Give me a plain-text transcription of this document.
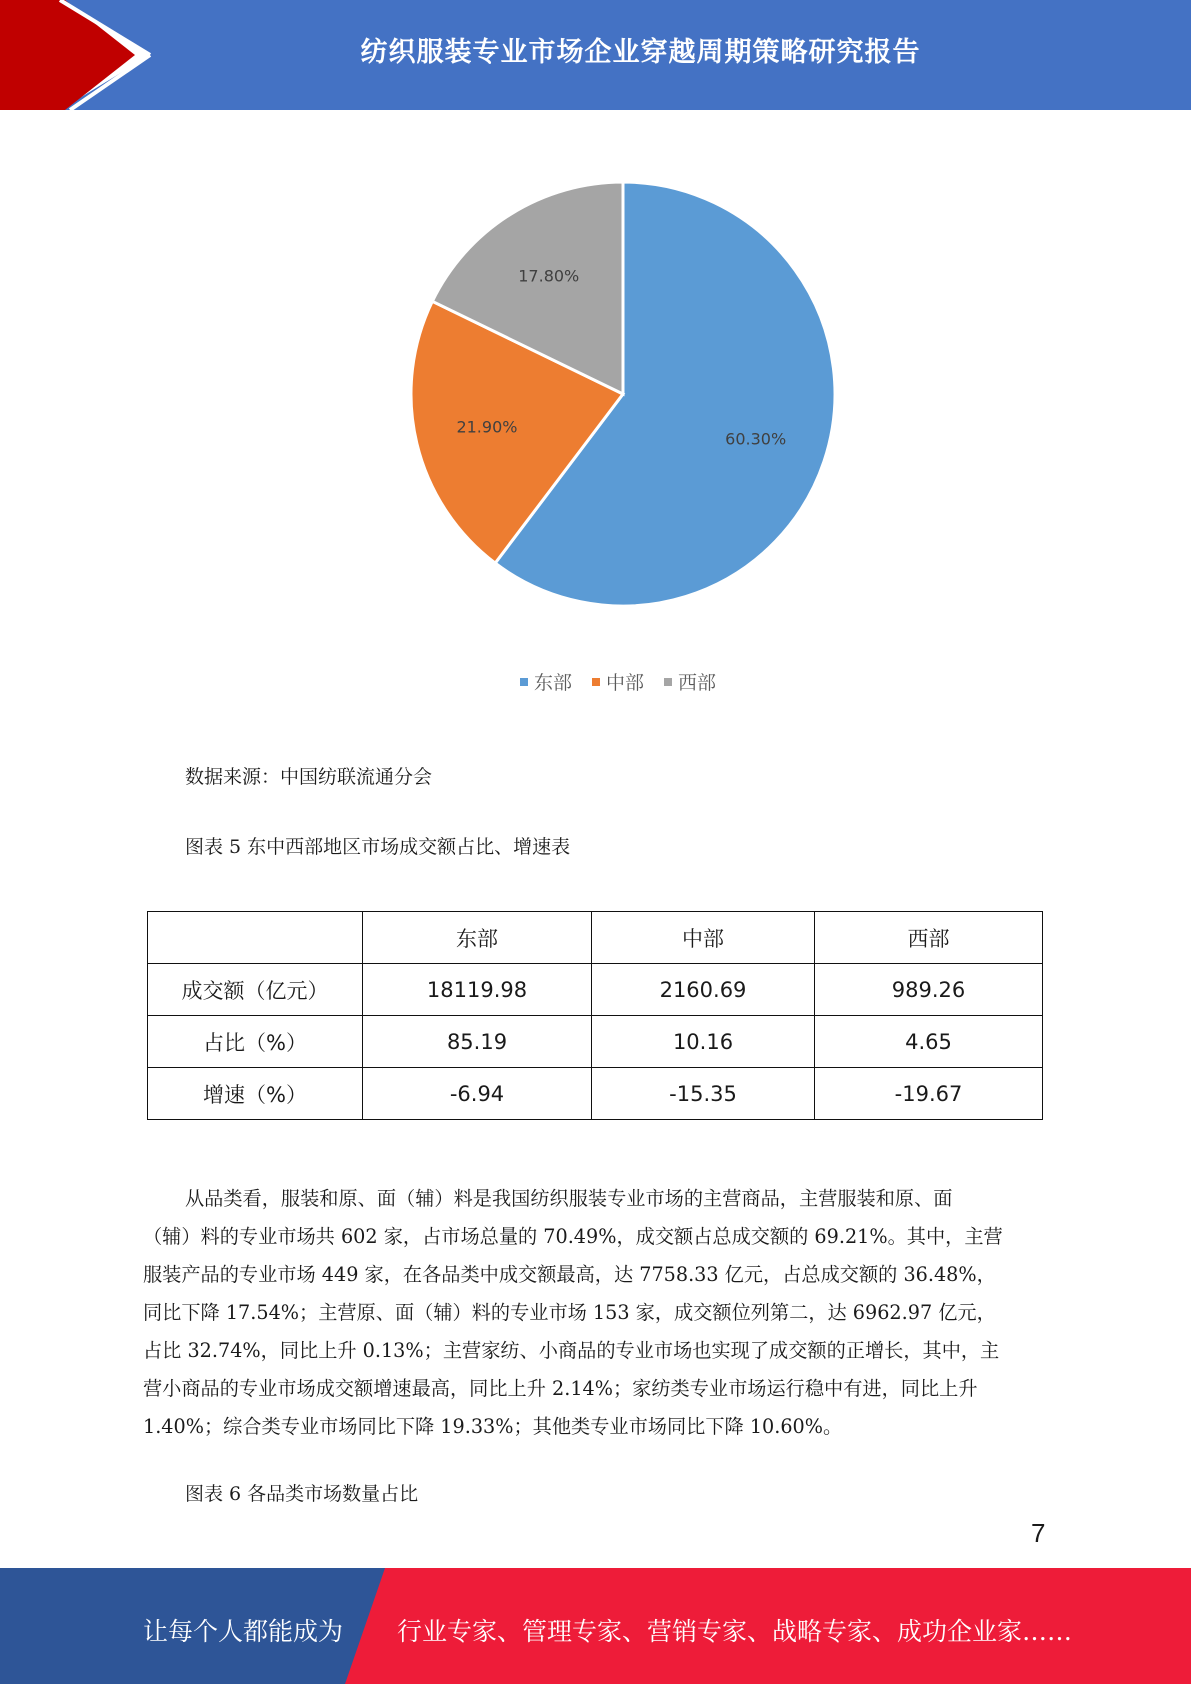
纺织服装专业市场企业穿越周期策略研究报告
60.30%
21.90%
17.80%
东部 中部 西部
数据来源：中国纺联流通分会
图表 5 东中西部地区市场成交额占比、增速表
	东部	中部	西部
成交额（亿元）	18119.98	2160.69	989.26
占比（%）	85.19	10.16	4.65
增速（%）	-6.94	-15.35	-19.67
从品类看，服装和原、面（辅）料是我国纺织服装专业市场的主营商品，主营服装和原、面
（辅）料的专业市场共 602 家，占市场总量的 70.49%，成交额占总成交额的 69.21%。其中，主营
服装产品的专业市场 449 家，在各品类中成交额最高，达 7758.33 亿元，占总成交额的 36.48%，
同比下降 17.54%；主营原、面（辅）料的专业市场 153 家，成交额位列第二，达 6962.97 亿元，
占比 32.74%，同比上升 0.13%；主营家纺、小商品的专业市场也实现了成交额的正增长，其中，主
营小商品的专业市场成交额增速最高，同比上升 2.14%；家纺类专业市场运行稳中有进，同比上升
1.40%；综合类专业市场同比下降 19.33%；其他类专业市场同比下降 10.60%。
图表 6 各品类市场数量占比
7
让每个人都能成为 行业专家、管理专家、营销专家、战略专家、成功企业家……
